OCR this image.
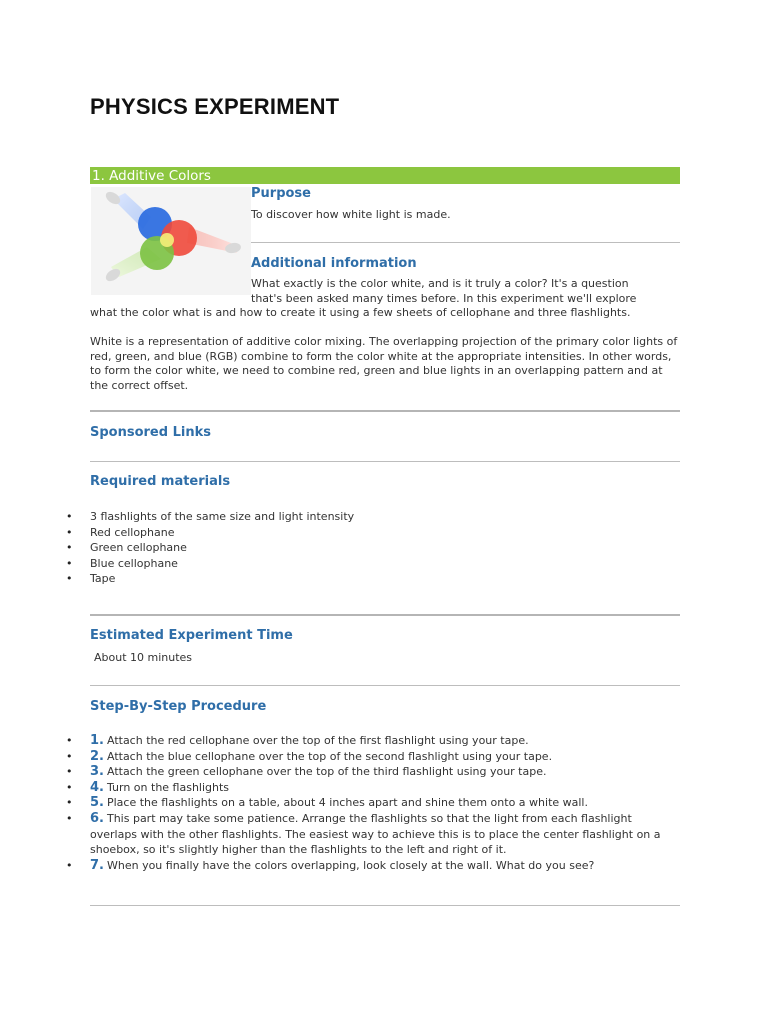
PHYSICS EXPERIMENT
1. Additive Colors
Purpose

To discover how white light is made.

Additional information

What exactly is the color white, and is it truly a color? It's a question

that's been asked many times before. In this experiment we'll explore

what the color what is and how to create it using a few sheets of cellophane and three flashlights.

White is a representation of additive color mixing. The overlapping projection of the primary color lights of red, green, and blue (RGB) combine to form the color white at the appropriate intensities. In other words, to form the color white, we need to combine red, green and blue lights in an overlapping pattern and at the correct offset.

Sponsored Links
Required materials
• 3 flashlights of the same size and light intensity
• Red cellophane
• Green cellophane
• Blue cellophane
• Tape
Estimated Experiment Time

About 10 minutes

Step-By-Step Procedure
• 1. Attach the red cellophane over the top of the first flashlight using your tape.
• 2. Attach the blue cellophane over the top of the second flashlight using your tape.
• 3. Attach the green cellophane over the top of the third flashlight using your tape.
• 4. Turn on the flashlights
• 5. Place the flashlights on a table, about 4 inches apart and shine them onto a white wall.
• 6. This part may take some patience. Arrange the flashlights so that the light from each flashlight overlaps with the other flashlights. The easiest way to achieve this is to place the center flashlight on a shoebox, so it's slightly higher than the flashlights to the left and right of it.
• 7. When you finally have the colors overlapping, look closely at the wall. What do you see?
